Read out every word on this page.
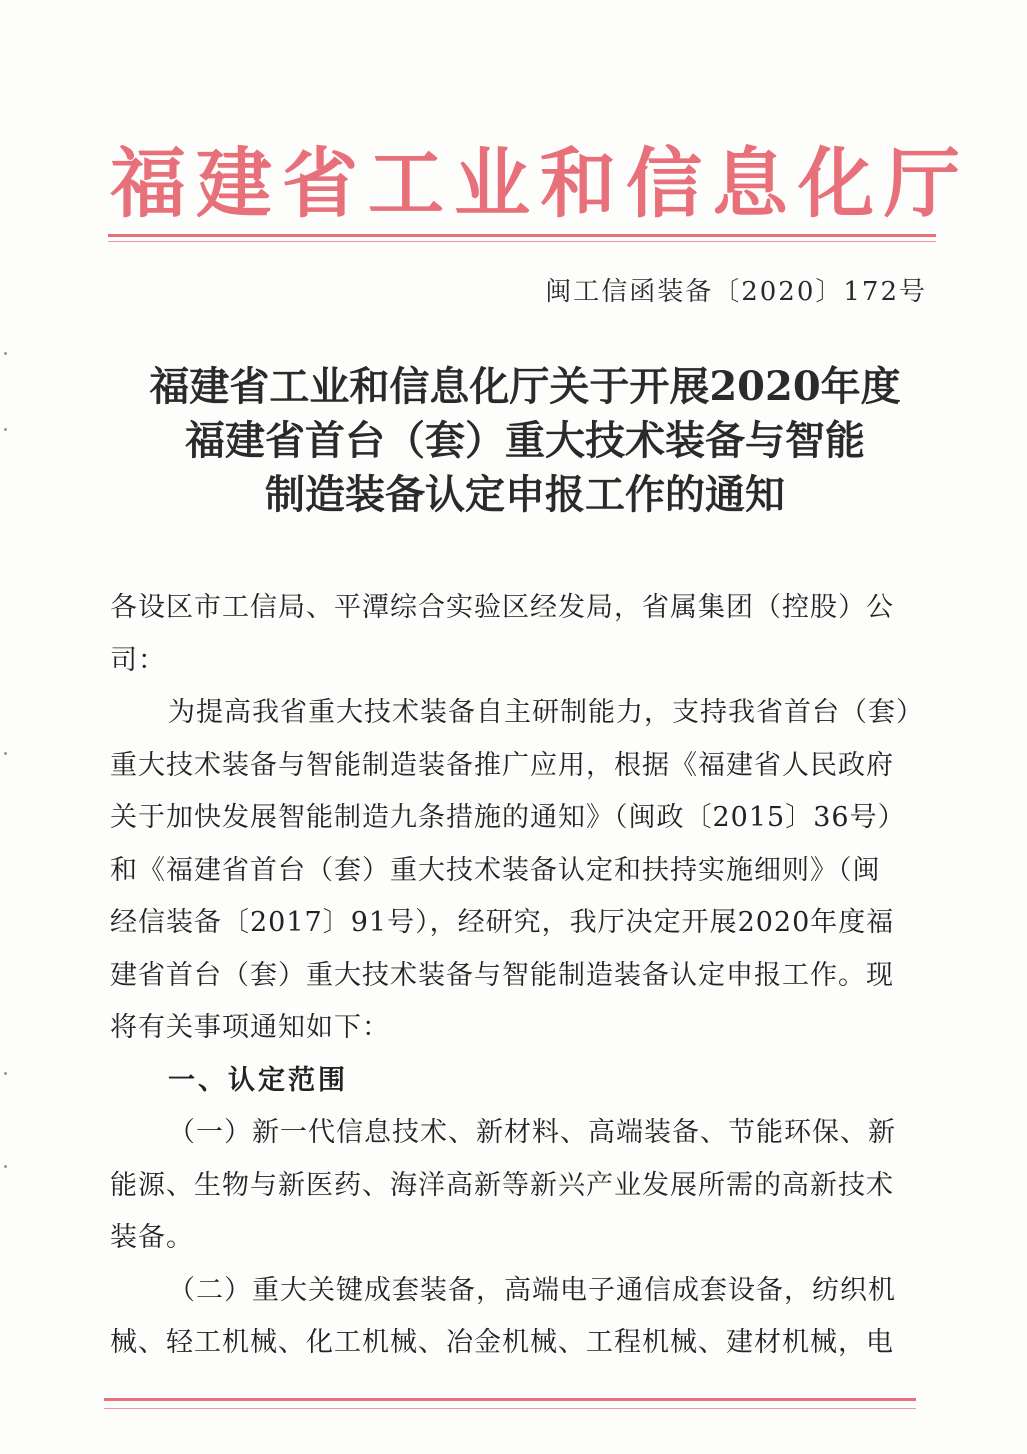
福建省工业和信息化厅
闽工信函装备〔2020〕172号
福建省工业和信息化厅关于开展2020年度
福建省首台（套）重大技术装备与智能
制造装备认定申报工作的通知
各设区市工信局、平潭综合实验区经发局，省属集团（控股）公
司：
为提高我省重大技术装备自主研制能力，支持我省首台（套）
重大技术装备与智能制造装备推广应用，根据《福建省人民政府
关于加快发展智能制造九条措施的通知》（闽政〔2015〕36号）
和《福建省首台（套）重大技术装备认定和扶持实施细则》（闽
经信装备〔2017〕91号），经研究，我厅决定开展2020年度福
建省首台（套）重大技术装备与智能制造装备认定申报工作。现
将有关事项通知如下：
一、认定范围
（一）新一代信息技术、新材料、高端装备、节能环保、新
能源、生物与新医药、海洋高新等新兴产业发展所需的高新技术
装备。
（二）重大关键成套装备，高端电子通信成套设备，纺织机
械、轻工机械、化工机械、冶金机械、工程机械、建材机械，电
